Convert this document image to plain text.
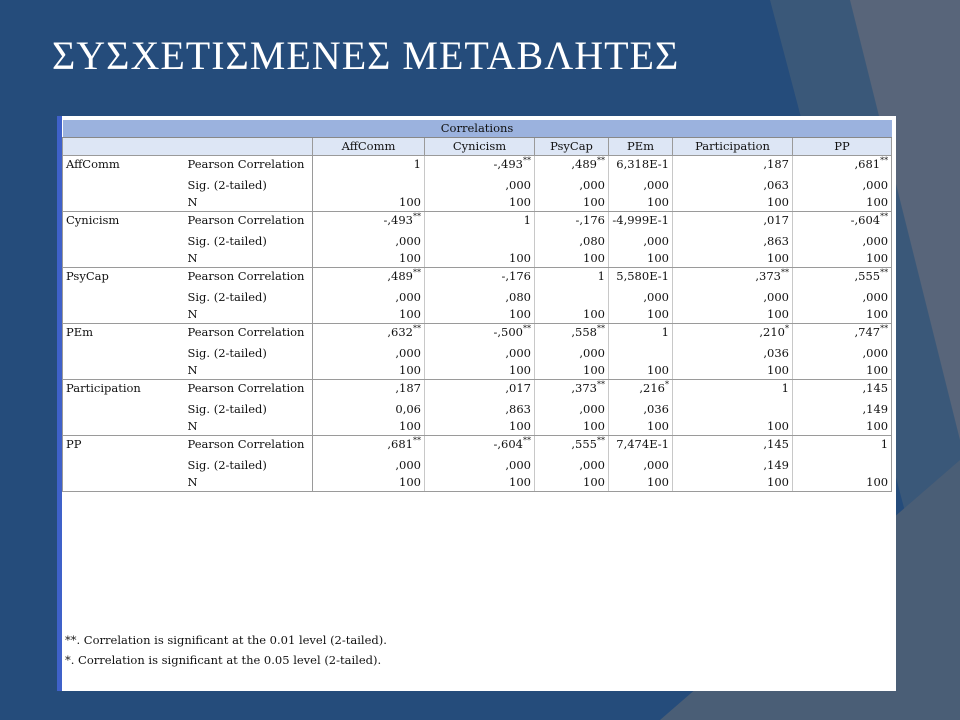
ΣΥΣΧΕΤΙΣΜΕΝΕΣ ΜΕΤΑΒΛΗΤΕΣ
Correlations							
		AffComm	Cynicism	PsyCap	PEm	Participation	PP
AffComm	Pearson Correlation	1	-,493**	,489**	6,318E-1	,187	,681**
	Sig. (2-tailed)		,000	,000	,000	,063	,000
	N	100	100	100	100	100	100
Cynicism	Pearson Correlation	-,493**	1	-,176	-4,999E-1	,017	-,604**
	Sig. (2-tailed)	,000		,080	,000	,863	,000
	N	100	100	100	100	100	100
PsyCap	Pearson Correlation	,489**	-,176	1	5,580E-1	,373**	,555**
	Sig. (2-tailed)	,000	,080		,000	,000	,000
	N	100	100	100	100	100	100
PEm	Pearson Correlation	,632**	-,500**	,558**	1	,210*	,747**
	Sig. (2-tailed)	,000	,000	,000		,036	,000
	N	100	100	100	100	100	100
Participation	Pearson Correlation	,187	,017	,373**	,216*	1	,145
	Sig. (2-tailed)	0,06	,863	,000	,036		,149
	N	100	100	100	100	100	100
PP	Pearson Correlation	,681**	-,604**	,555**	7,474E-1	,145	1
	Sig. (2-tailed)	,000	,000	,000	,000	,149	
	N	100	100	100	100	100	100
**. Correlation is significant at the 0.01 level (2-tailed).
*. Correlation is significant at the 0.05 level (2-tailed).
